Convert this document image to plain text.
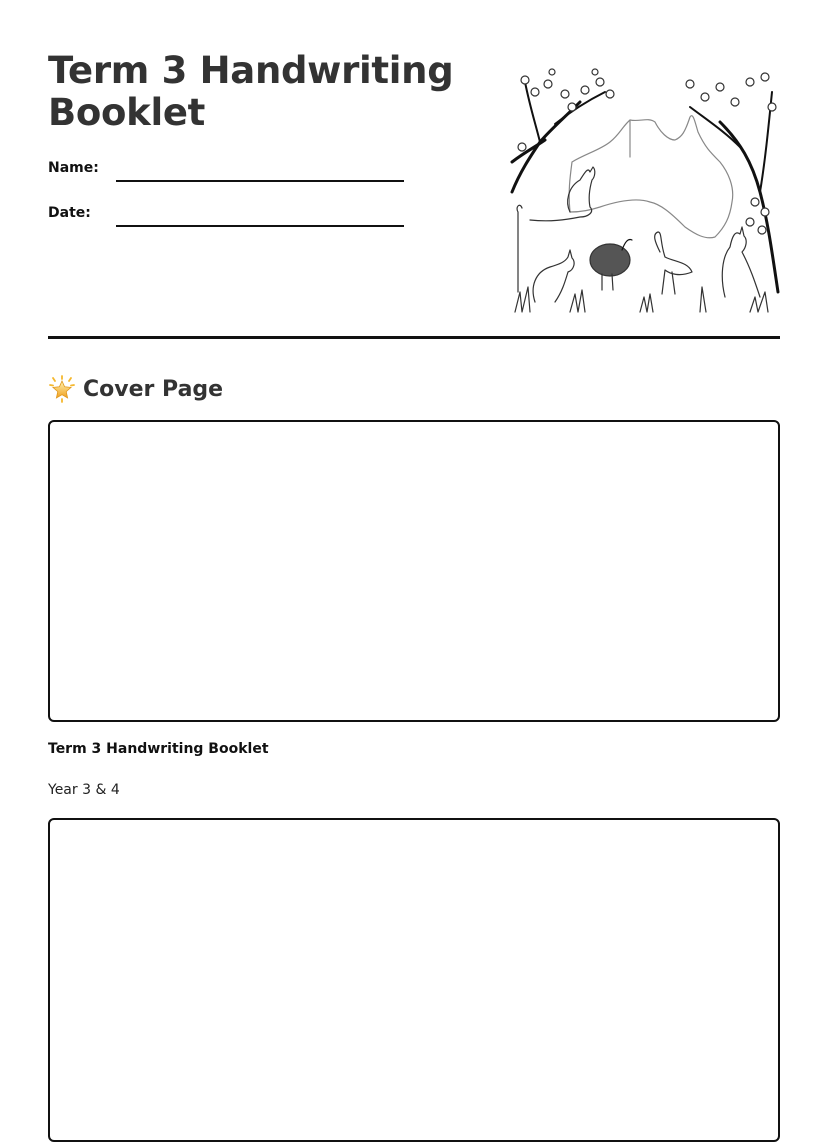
Term 3 Handwriting
Booklet
Name:
Date:
Cover Page
Term 3 Handwriting Booklet
Year 3 & 4
